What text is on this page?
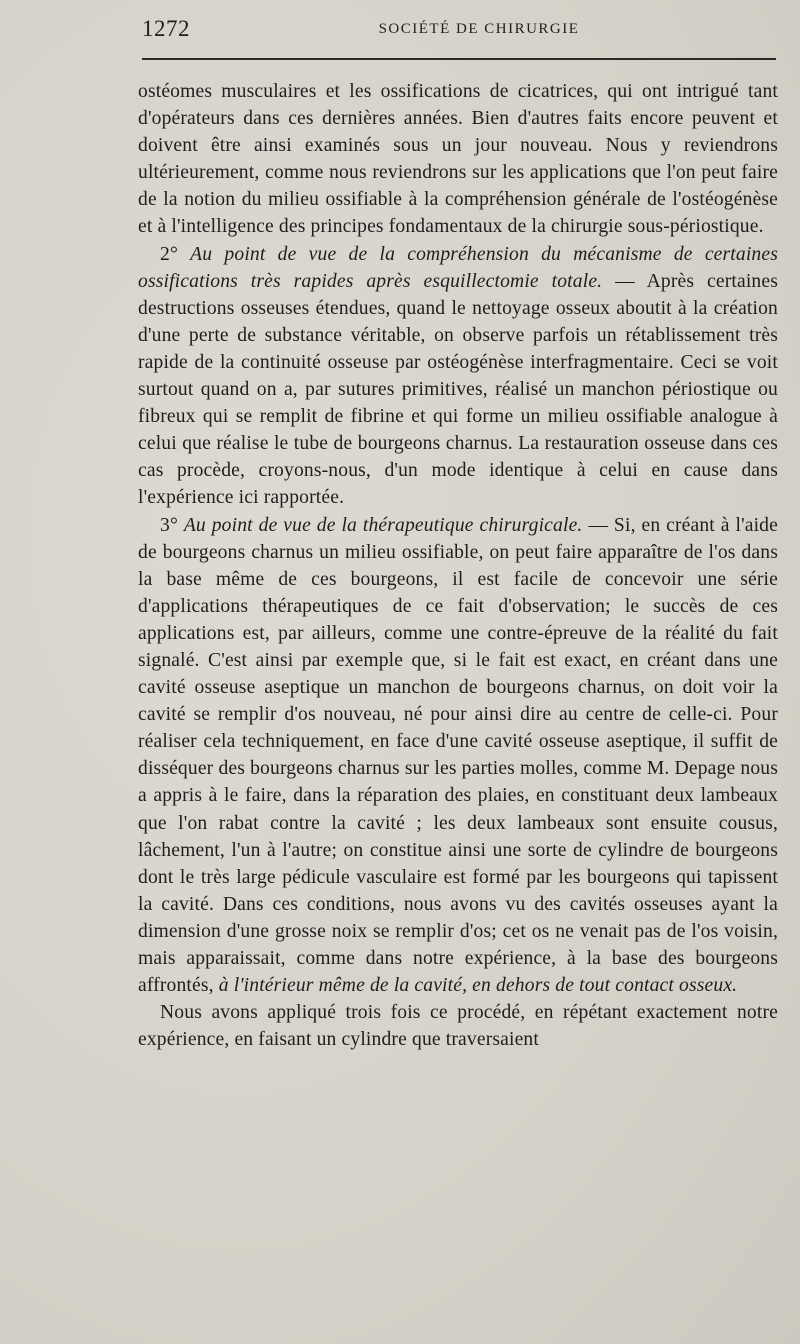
1272	SOCIÉTÉ DE CHIRURGIE

ostéomes musculaires et les ossifications de cicatrices, qui ont intrigué tant d'opérateurs dans ces dernières années. Bien d'autres faits encore peuvent et doivent être ainsi examinés sous un jour nouveau. Nous y reviendrons ultérieurement, comme nous reviendrons sur les applications que l'on peut faire de la notion du milieu ossifiable à la compréhension générale de l'ostéogénèse et à l'intelligence des principes fondamentaux de la chirurgie sous-périostique.

2° Au point de vue de la compréhension du mécanisme de certaines ossifications très rapides après esquillectomie totale. — Après certaines destructions osseuses étendues, quand le nettoyage osseux aboutit à la création d'une perte de substance véritable, on observe parfois un rétablissement très rapide de la continuité osseuse par ostéogénèse interfragmentaire. Ceci se voit surtout quand on a, par sutures primitives, réalisé un manchon périostique ou fibreux qui se remplit de fibrine et qui forme un milieu ossifiable analogue à celui que réalise le tube de bourgeons charnus. La restauration osseuse dans ces cas procède, croyons-nous, d'un mode identique à celui en cause dans l'expérience ici rapportée.

3° Au point de vue de la thérapeutique chirurgicale. — Si, en créant à l'aide de bourgeons charnus un milieu ossifiable, on peut faire apparaître de l'os dans la base même de ces bourgeons, il est facile de concevoir une série d'applications thérapeutiques de ce fait d'observation; le succès de ces applications est, par ailleurs, comme une contre-épreuve de la réalité du fait signalé. C'est ainsi par exemple que, si le fait est exact, en créant dans une cavité osseuse aseptique un manchon de bourgeons charnus, on doit voir la cavité se remplir d'os nouveau, né pour ainsi dire au centre de celle-ci. Pour réaliser cela techniquement, en face d'une cavité osseuse aseptique, il suffit de disséquer des bourgeons charnus sur les parties molles, comme M. Depage nous a appris à le faire, dans la réparation des plaies, en constituant deux lambeaux que l'on rabat contre la cavité ; les deux lambeaux sont ensuite cousus, lâchement, l'un à l'autre; on constitue ainsi une sorte de cylindre de bourgeons dont le très large pédicule vasculaire est formé par les bourgeons qui tapissent la cavité. Dans ces conditions, nous avons vu des cavités osseuses ayant la dimension d'une grosse noix se remplir d'os; cet os ne venait pas de l'os voisin, mais apparaissait, comme dans notre expérience, à la base des bourgeons affrontés, à l'intérieur même de la cavité, en dehors de tout contact osseux.

Nous avons appliqué trois fois ce procédé, en répétant exactement notre expérience, en faisant un cylindre que traversaient
